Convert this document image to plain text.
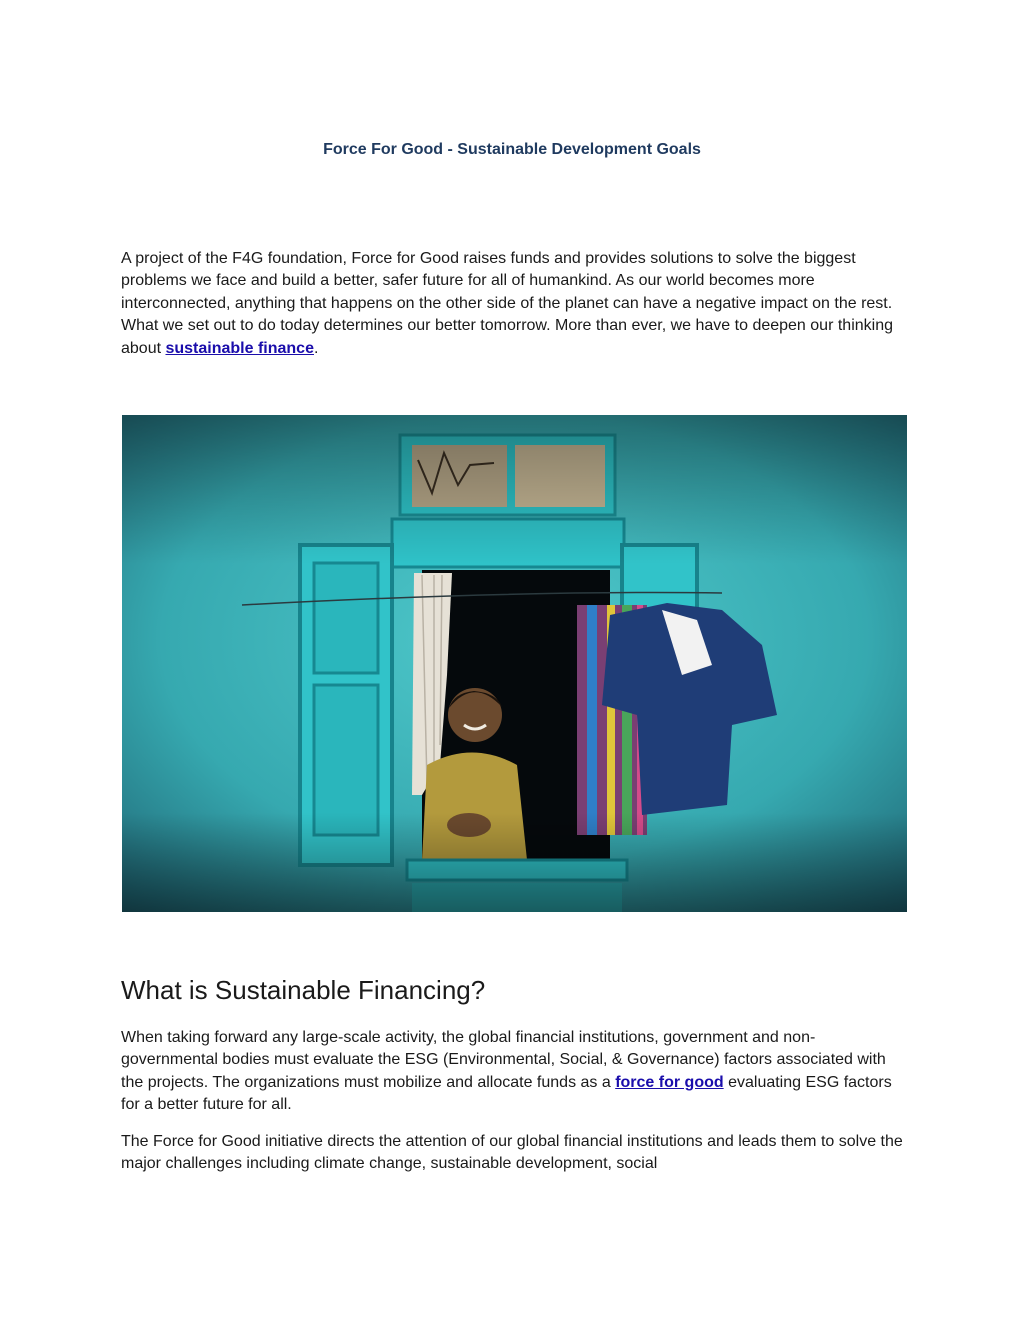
Force For Good - Sustainable Development Goals

A project of the F4G foundation, Force for Good raises funds and provides solutions to solve the biggest problems we face and build a better, safer future for all of humankind. As our world becomes more interconnected, anything that happens on the other side of the planet can have a negative impact on the rest. What we set out to do today determines our better tomorrow. More than ever, we have to deepen our thinking about sustainable finance.

What is Sustainable Financing?

When taking forward any large-scale activity, the global financial institutions, government and non-governmental bodies must evaluate the ESG (Environmental, Social, & Governance) factors associated with the projects. The organizations must mobilize and allocate funds as a force for good evaluating ESG factors for a better future for all.

The Force for Good initiative directs the attention of our global financial institutions and leads them to solve the major challenges including climate change, sustainable development, social
